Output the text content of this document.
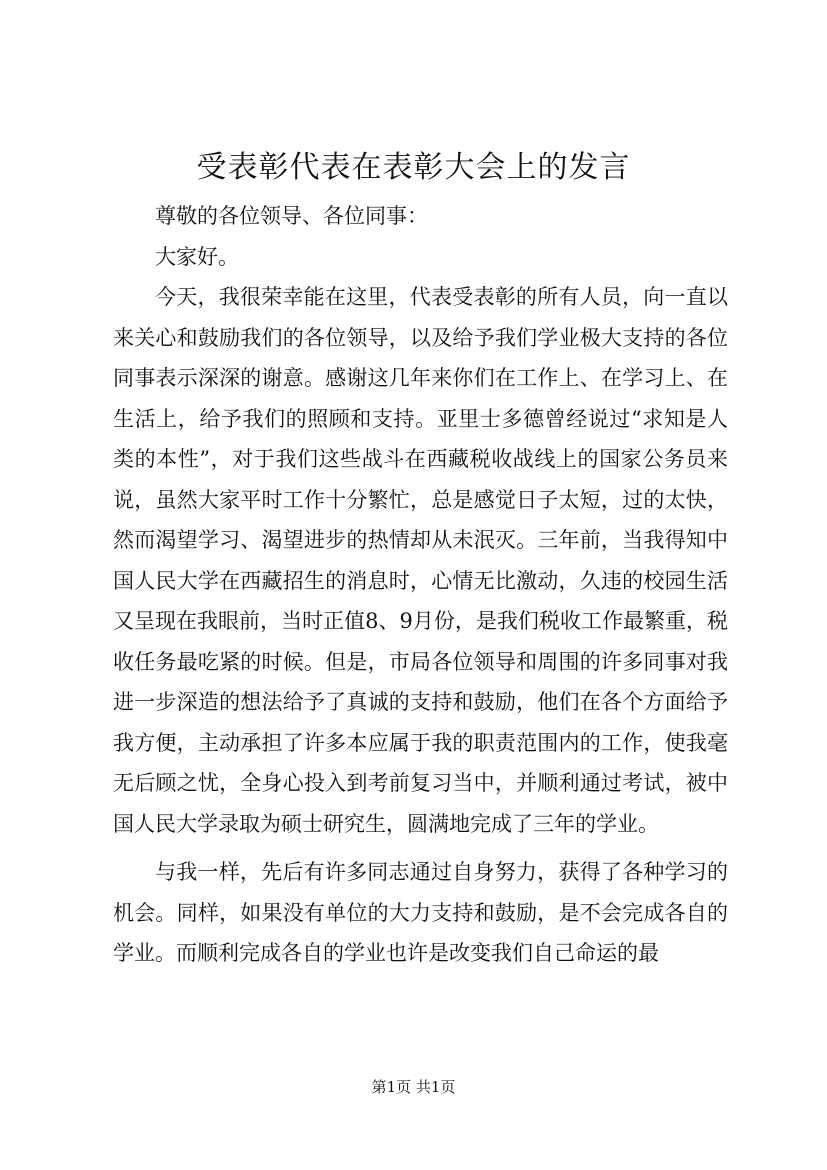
受表彰代表在表彰大会上的发言

尊敬的各位领导、各位同事：

大家好。

今天，我很荣幸能在这里，代表受表彰的所有人员，向一直以来关心和鼓励我们的各位领导，以及给予我们学业极大支持的各位同事表示深深的谢意。感谢这几年来你们在工作上、在学习上、在生活上，给予我们的照顾和支持。亚里士多德曾经说过“求知是人类的本性”，对于我们这些战斗在西藏税收战线上的国家公务员来说，虽然大家平时工作十分繁忙，总是感觉日子太短，过的太快，然而渴望学习、渴望进步的热情却从未泯灭。三年前，当我得知中国人民大学在西藏招生的消息时，心情无比激动，久违的校园生活又呈现在我眼前，当时正值8、9月份，是我们税收工作最繁重，税收任务最吃紧的时候。但是，市局各位领导和周围的许多同事对我进一步深造的想法给予了真诚的支持和鼓励，他们在各个方面给予我方便，主动承担了许多本应属于我的职责范围内的工作，使我毫无后顾之忧，全身心投入到考前复习当中，并顺利通过考试，被中国人民大学录取为硕士研究生，圆满地完成了三年的学业。

与我一样，先后有许多同志通过自身努力，获得了各种学习的机会。同样，如果没有单位的大力支持和鼓励，是不会完成各自的学业。而顺利完成各自的学业也许是改变我们自己命运的最

第1页 共1页
